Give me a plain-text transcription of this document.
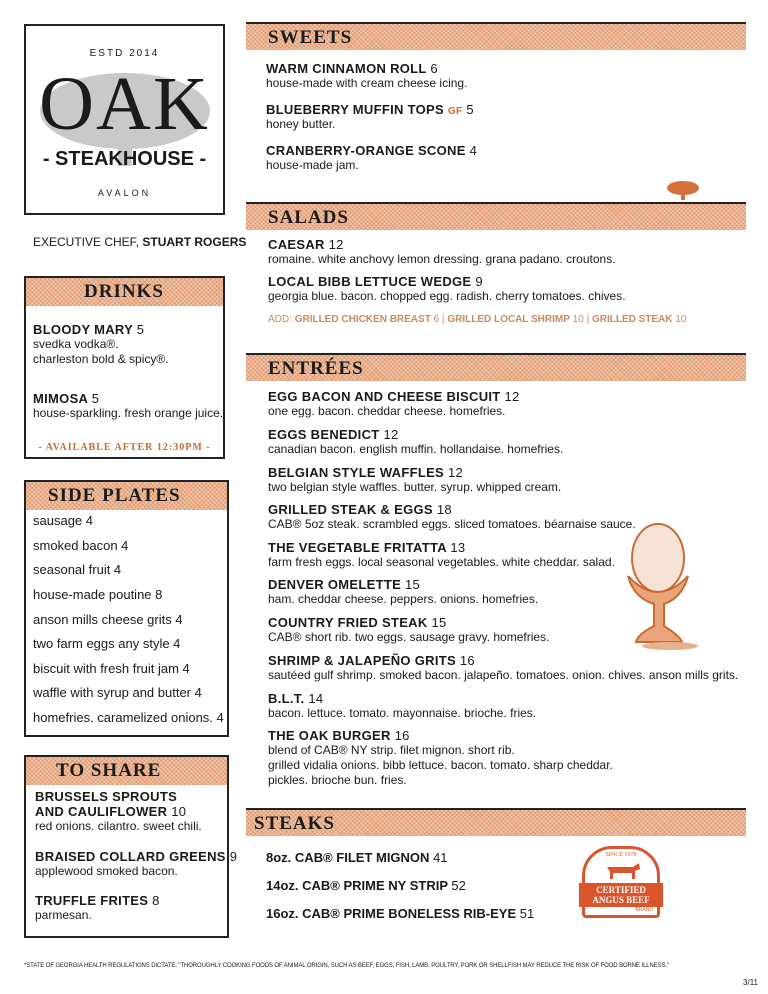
ESTD 2014
OAK
- STEAKHOUSE -
AVALON
EXECUTIVE CHEF, STUART ROGERS
DRINKS
BLOODY MARY 5
svedka vodka®.
charleston bold & spicy®.
MIMOSA 5
house-sparkling. fresh orange juice.
- AVAILABLE AFTER 12:30PM -
SIDE PLATES
sausage 4
smoked bacon 4
seasonal fruit 4
house-made poutine 8
anson mills cheese grits 4
two farm eggs any style 4
biscuit with fresh fruit jam 4
waffle with syrup and butter 4
homefries. caramelized onions. 4
TO SHARE
BRUSSELS SPROUTS
AND CAULIFLOWER 10
red onions. cilantro. sweet chili.
BRAISED COLLARD GREENS 9
applewood smoked bacon.
TRUFFLE FRITES 8
parmesan.
SWEETS
WARM CINNAMON ROLL 6
house-made with cream cheese icing.
BLUEBERRY MUFFIN TOPS GF 5
honey butter.
CRANBERRY-ORANGE SCONE 4
house-made jam.
SALADS
CAESAR 12
romaine. white anchovy lemon dressing. grana padano. croutons.
LOCAL BIBB LETTUCE WEDGE 9
georgia blue. bacon. chopped egg. radish. cherry tomatoes. chives.
ADD: GRILLED CHICKEN BREAST 6 | GRILLED LOCAL SHRIMP 10 | GRILLED STEAK 10
ENTRÉES
EGG BACON AND CHEESE BISCUIT 12
one egg. bacon. cheddar cheese. homefries.
EGGS BENEDICT 12
canadian bacon. english muffin. hollandaise. homefries.
BELGIAN STYLE WAFFLES 12
two belgian style waffles. butter. syrup. whipped cream.
GRILLED STEAK & EGGS 18
CAB® 5oz steak. scrambled eggs. sliced tomatoes. béarnaise sauce.
THE VEGETABLE FRITATTA 13
farm fresh eggs. local seasonal vegetables. white cheddar. salad.
DENVER OMELETTE 15
ham. cheddar cheese. peppers. onions. homefries.
COUNTRY FRIED STEAK 15
CAB® short rib. two eggs. sausage gravy. homefries.
SHRIMP & JALAPEÑO GRITS 16
sautéed gulf shrimp. smoked bacon. jalapeño. tomatoes. onion. chives. anson mills grits.
B.L.T. 14
bacon. lettuce. tomato. mayonnaise. brioche. fries.
THE OAK BURGER 16
blend of CAB® NY strip. filet mignon. short rib.
grilled vidalia onions. bibb lettuce. bacon. tomato. sharp cheddar.
pickles. brioche bun. fries.
STEAKS
8oz. CAB® FILET MIGNON 41
14oz. CAB® PRIME NY STRIP 52
16oz. CAB® PRIME BONELESS RIB-EYE 51
SINCE 1978
CERTIFIED
ANGUS BEEF
BRAND
*STATE OF GEORGIA HEALTH REGULATIONS DICTATE: "THOROUGHLY COOKING FOODS OF ANIMAL ORIGIN, SUCH AS BEEF, EGGS, FISH, LAMB, POULTRY, PORK OR SHELLFISH MAY REDUCE THE RISK OF FOOD BORNE ILLNESS."
3/11
